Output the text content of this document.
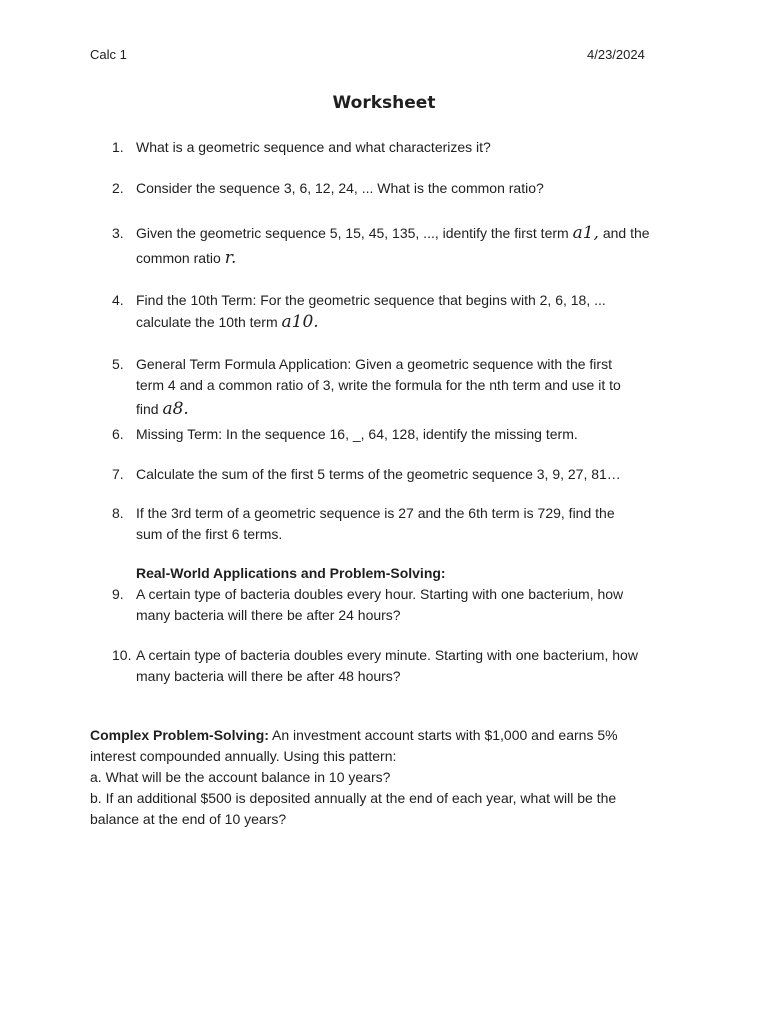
Calc 1	4/23/2024
Worksheet
1. What is a geometric sequence and what characterizes it?
2. Consider the sequence 3, 6, 12, 24, ... What is the common ratio?
3. Given the geometric sequence 5, 15, 45, 135, ..., identify the first term a1, and the
common ratio r.
4. Find the 10th Term: For the geometric sequence that begins with 2, 6, 18, ...
calculate the 10th term a10.
5. General Term Formula Application: Given a geometric sequence with the first
term 4 and a common ratio of 3, write the formula for the nth term and use it to
find a8.
6. Missing Term: In the sequence 16, _, 64, 128, identify the missing term.
7. Calculate the sum of the first 5 terms of the geometric sequence 3, 9, 27, 81…
8. If the 3rd term of a geometric sequence is 27 and the 6th term is 729, find the
sum of the first 6 terms.
Real-World Applications and Problem-Solving:
9. A certain type of bacteria doubles every hour. Starting with one bacterium, how
many bacteria will there be after 24 hours?
10. A certain type of bacteria doubles every minute. Starting with one bacterium, how
many bacteria will there be after 48 hours?
Complex Problem-Solving: An investment account starts with $1,000 and earns 5%
interest compounded annually. Using this pattern:
a. What will be the account balance in 10 years?
b. If an additional $500 is deposited annually at the end of each year, what will be the
balance at the end of 10 years?
